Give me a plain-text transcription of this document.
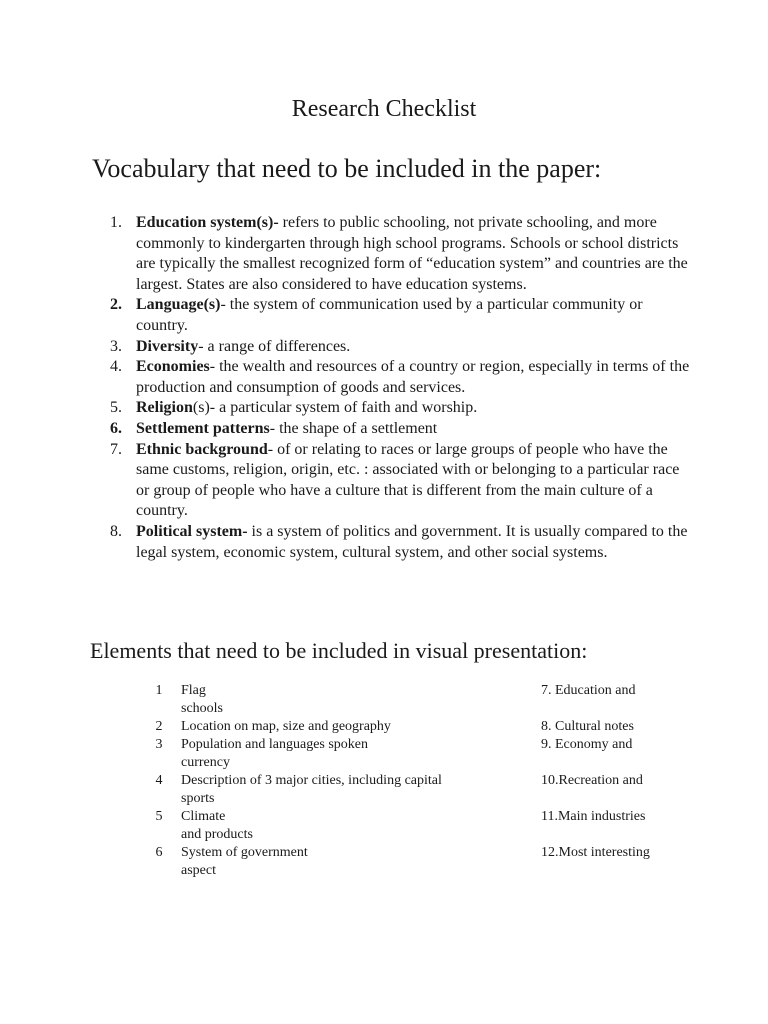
Research Checklist
Vocabulary that need to be included in the paper:
1. Education system(s)- refers to public schooling, not private schooling, and more commonly to kindergarten through high school programs. Schools or school districts are typically the smallest recognized form of “education system” and countries are the largest. States are also considered to have education systems.
2. Language(s)- the system of communication used by a particular community or country.
3. Diversity- a range of differences.
4. Economies- the wealth and resources of a country or region, especially in terms of the production and consumption of goods and services.
5. Religion(s)- a particular system of faith and worship.
6. Settlement patterns- the shape of a settlement
7. Ethnic background- of or relating to races or large groups of people who have the same customs, religion, origin, etc. : associated with or belonging to a particular race or group of people who have a culture that is different from the main culture of a country.
8. Political system- is a system of politics and government. It is usually compared to the legal system, economic system, cultural system, and other social systems.
Elements that need to be included in visual presentation:
1	Flag	7. Education and
schools
2	Location on map, size and geography	8. Cultural notes
3	Population and languages spoken	9. Economy and
currency
4	Description of 3 major cities, including capital	10.Recreation and
sports
5	Climate	11.Main industries
and products
6	System of government	12.Most interesting
aspect
